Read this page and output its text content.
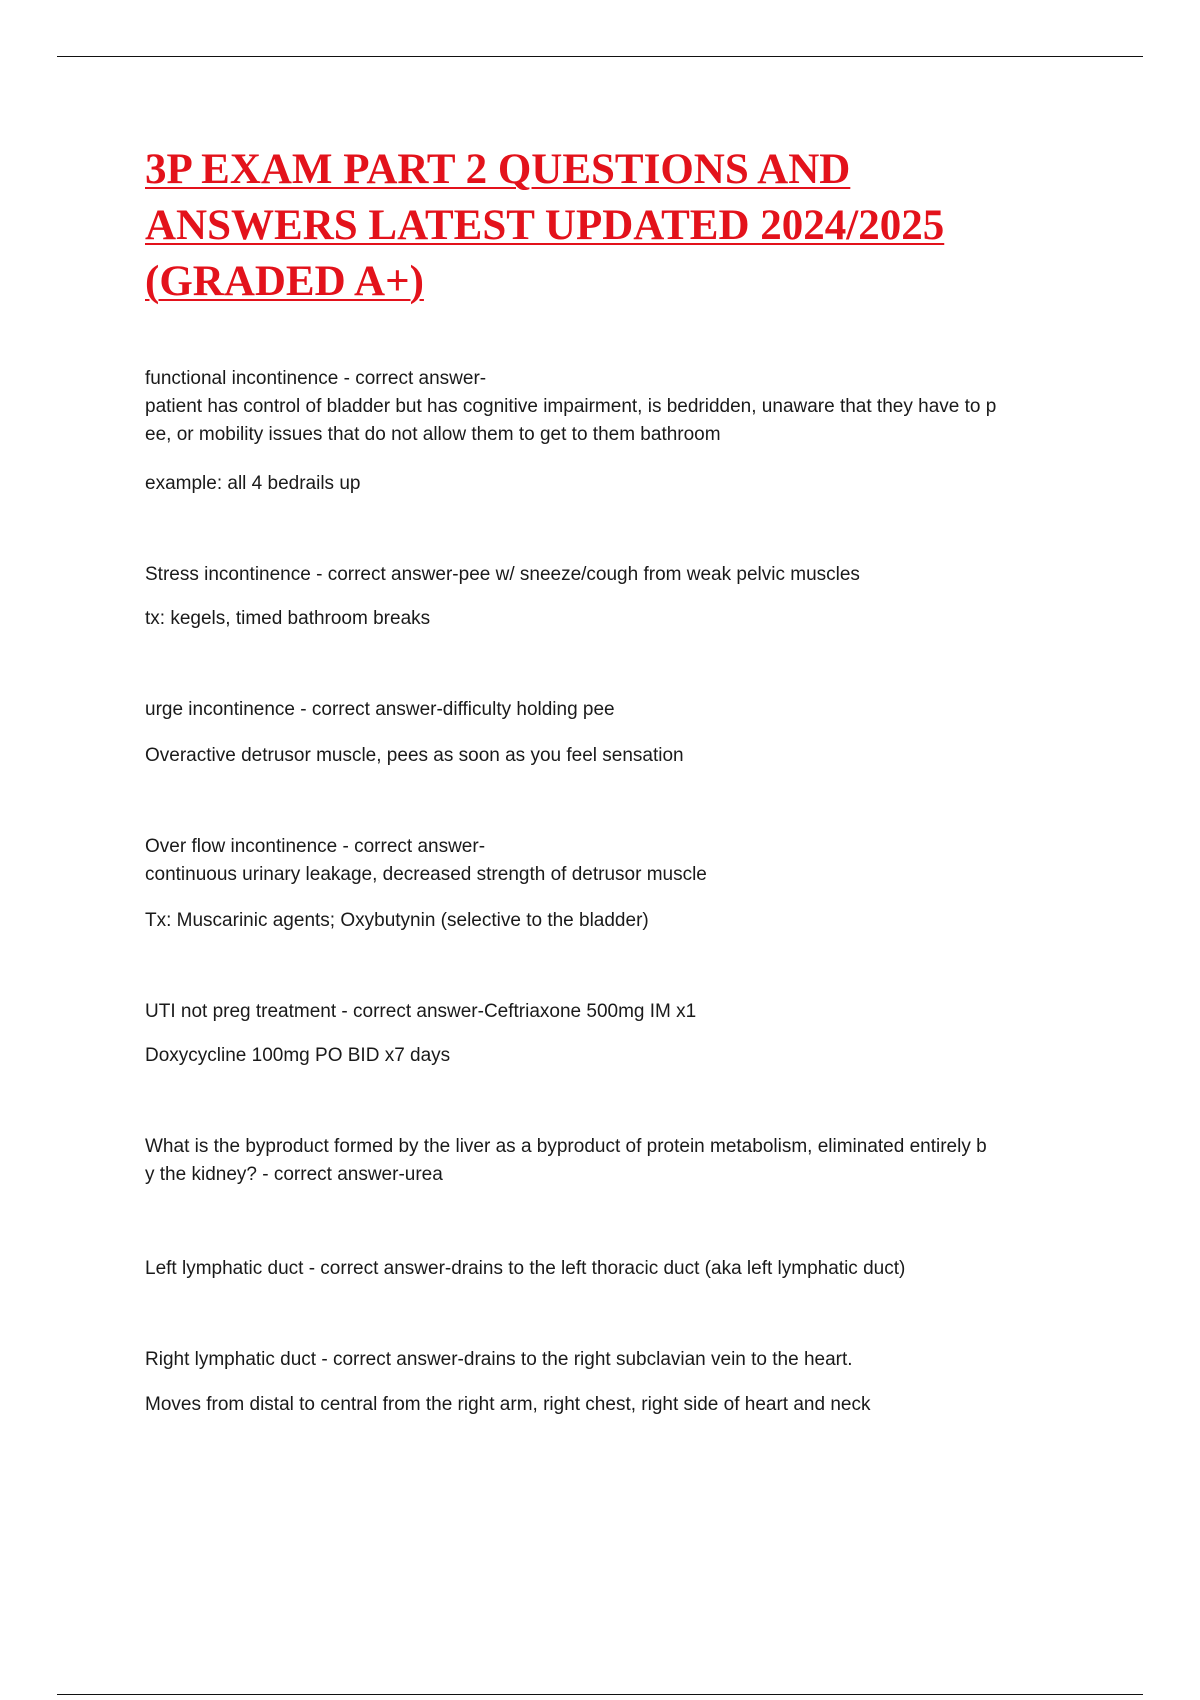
3P EXAM PART 2 QUESTIONS AND
ANSWERS LATEST UPDATED 2024/2025
(GRADED A+)
functional incontinence - correct answer-
patient has control of bladder but has cognitive impairment, is bedridden, unaware that they have to p
ee, or mobility issues that do not allow them to get to them bathroom
example: all 4 bedrails up
Stress incontinence - correct answer-pee w/ sneeze/cough from weak pelvic muscles
tx: kegels, timed bathroom breaks
urge incontinence - correct answer-difficulty holding pee
Overactive detrusor muscle, pees as soon as you feel sensation
Over flow incontinence - correct answer-
continuous urinary leakage, decreased strength of detrusor muscle
Tx: Muscarinic agents; Oxybutynin (selective to the bladder)
UTI not preg treatment - correct answer-Ceftriaxone 500mg IM x1
Doxycycline 100mg PO BID x7 days
What is the byproduct formed by the liver as a byproduct of protein metabolism, eliminated entirely b
y the kidney? - correct answer-urea
Left lymphatic duct - correct answer-drains to the left thoracic duct (aka left lymphatic duct)
Right lymphatic duct - correct answer-drains to the right subclavian vein to the heart.
Moves from distal to central from the right arm, right chest, right side of heart and neck
